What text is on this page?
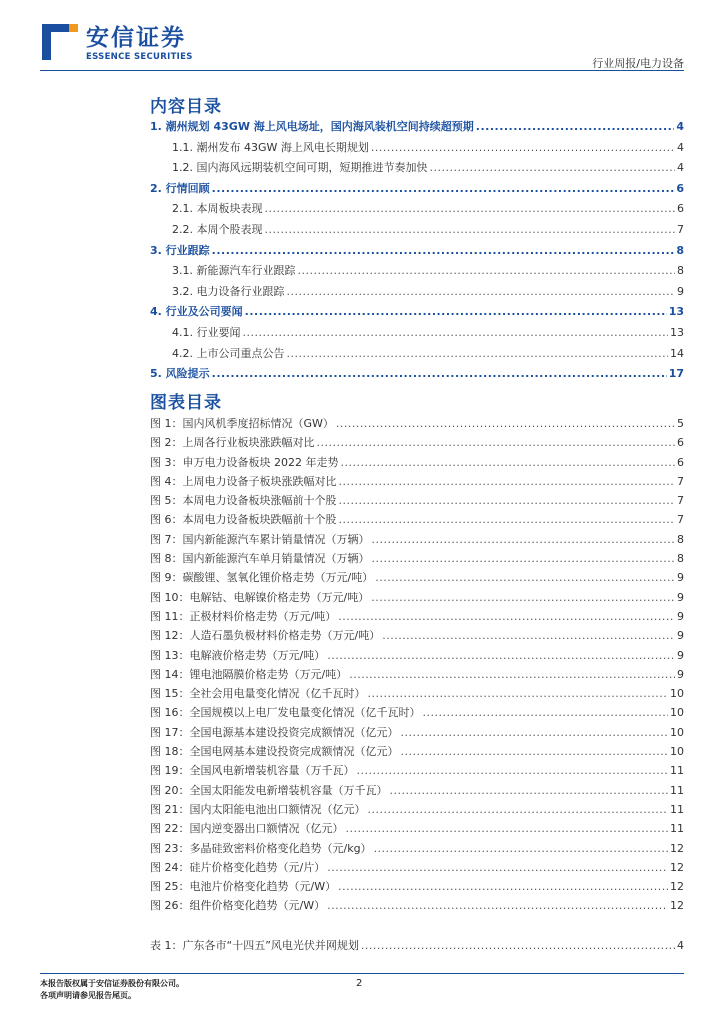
安信证券
ESSENCE SECURITIES	行业周报/电力设备
内容目录
1. 潮州规划 43GW 海上风电场址，国内海风装机空间持续超预期 .....	4
1.1. 潮州发布 43GW 海上风电长期规划 .....	4
1.2. 国内海风远期装机空间可期，短期推进节奏加快 .....	4
2. 行情回顾 .....	6
2.1. 本周板块表现 .....	6
2.2. 本周个股表现 .....	7
3. 行业跟踪 .....	8
3.1. 新能源汽车行业跟踪 .....	8
3.2. 电力设备行业跟踪 .....	9
4. 行业及公司要闻 .....	13
4.1. 行业要闻 .....	13
4.2. 上市公司重点公告 .....	14
5. 风险提示 .....	17
图表目录
图 1：国内风机季度招标情况（GW） .....	5
图 2：上周各行业板块涨跌幅对比 .....	6
图 3：申万电力设备板块 2022 年走势 .....	6
图 4：上周电力设备子板块涨跌幅对比 .....	7
图 5：本周电力设备板块涨幅前十个股 .....	7
图 6：本周电力设备板块跌幅前十个股 .....	7
图 7：国内新能源汽车累计销量情况（万辆） .....	8
图 8：国内新能源汽车单月销量情况（万辆） .....	8
图 9：碳酸锂、氢氧化锂价格走势（万元/吨） .....	9
图 10：电解钴、电解镍价格走势（万元/吨） .....	9
图 11：正极材料价格走势（万元/吨） .....	9
图 12：人造石墨负极材料价格走势（万元/吨） .....	9
图 13：电解液价格走势（万元/吨） .....	9
图 14：锂电池隔膜价格走势（万元/吨） .....	9
图 15：全社会用电量变化情况（亿千瓦时） .....	10
图 16：全国规模以上电厂发电量变化情况（亿千瓦时） .....	10
图 17：全国电源基本建设投资完成额情况（亿元） .....	10
图 18：全国电网基本建设投资完成额情况（亿元） .....	10
图 19：全国风电新增装机容量（万千瓦） .....	11
图 20：全国太阳能发电新增装机容量（万千瓦） .....	11
图 21：国内太阳能电池出口额情况（亿元） .....	11
图 22：国内逆变器出口额情况（亿元） .....	11
图 23：多晶硅致密料价格变化趋势（元/kg） .....	12
图 24：硅片价格变化趋势（元/片） .....	12
图 25：电池片价格变化趋势（元/W） .....	12
图 26：组件价格变化趋势（元/W） .....	12
表 1：广东各市“十四五”风电光伏并网规划 .....	4
本报告版权属于安信证券股份有限公司。
各项声明请参见报告尾页。
2
